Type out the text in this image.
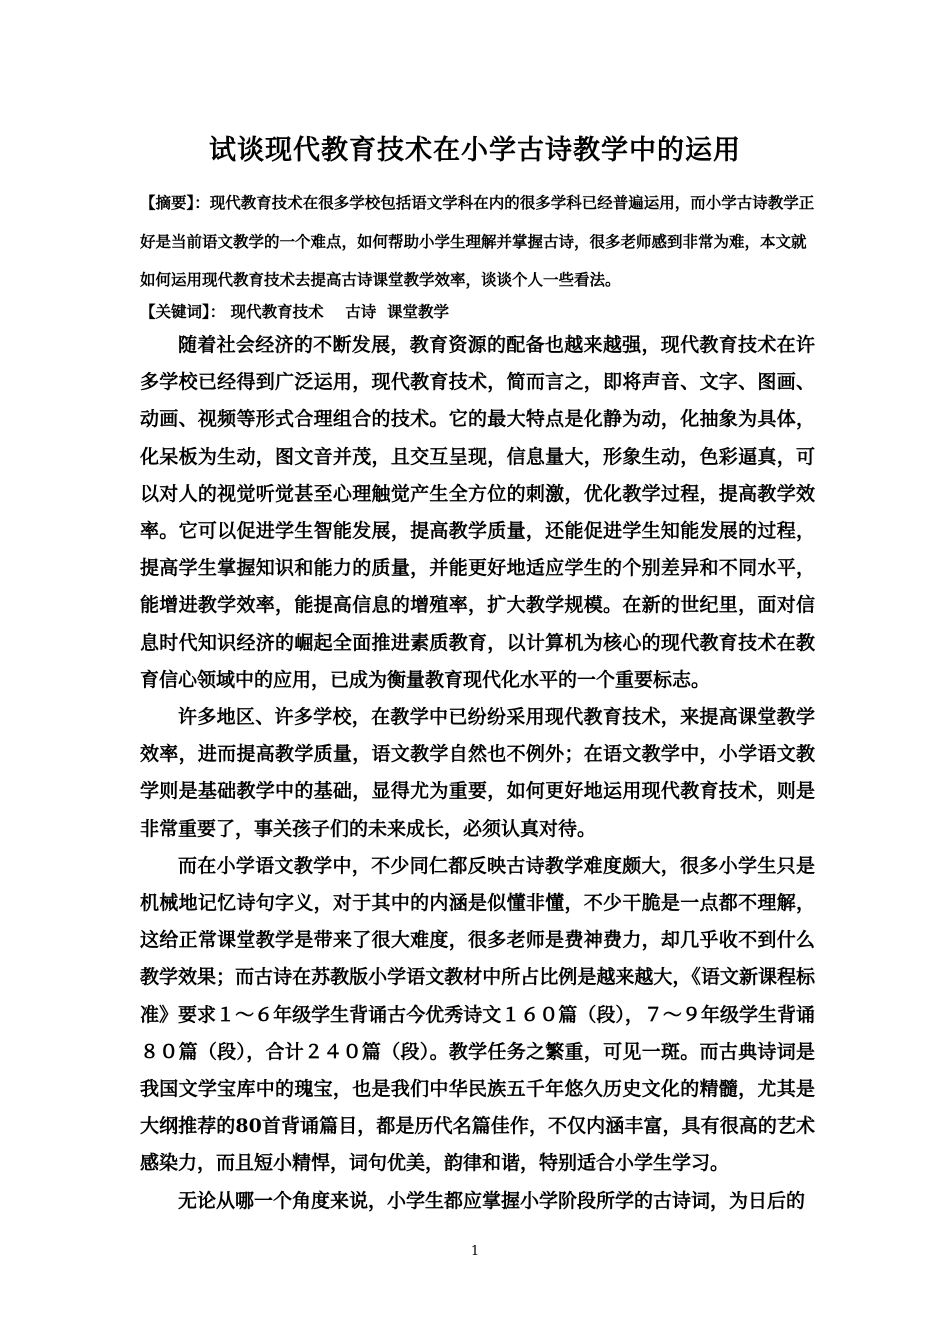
试谈现代教育技术在小学古诗教学中的运用
【摘要】：现代教育技术在很多学校包括语文学科在内的很多学科已经普遍运用，而小学古诗教学正好是当前语文教学的一个难点，如何帮助小学生理解并掌握古诗，很多老师感到非常为难，本文就如何运用现代教育技术去提高古诗课堂教学效率，谈谈个人一些看法。
【关键词】： 现代教育技术    古诗  课堂教学

随着社会经济的不断发展，教育资源的配备也越来越强，现代教育技术在许多学校已经得到广泛运用，现代教育技术，简而言之，即将声音、文字、图画、动画、视频等形式合理组合的技术。它的最大特点是化静为动，化抽象为具体，化呆板为生动，图文音并茂，且交互呈现，信息量大，形象生动，色彩逼真，可以对人的视觉听觉甚至心理触觉产生全方位的刺激，优化教学过程，提高教学效率。它可以促进学生智能发展，提高教学质量，还能促进学生知能发展的过程，提高学生掌握知识和能力的质量，并能更好地适应学生的个别差异和不同水平，能增进教学效率，能提高信息的增殖率，扩大教学规模。在新的世纪里，面对信息时代知识经济的崛起全面推进素质教育，以计算机为核心的现代教育技术在教育信心领域中的应用，已成为衡量教育现代化水平的一个重要标志。

许多地区、许多学校，在教学中已纷纷采用现代教育技术，来提高课堂教学效率，进而提高教学质量，语文教学自然也不例外；在语文教学中，小学语文教学则是基础教学中的基础，显得尤为重要，如何更好地运用现代教育技术，则是非常重要了，事关孩子们的未来成长，必须认真对待。

而在小学语文教学中，不少同仁都反映古诗教学难度颇大，很多小学生只是机械地记忆诗句字义，对于其中的内涵是似懂非懂，不少干脆是一点都不理解，这给正常课堂教学是带来了很大难度，很多老师是费神费力，却几乎收不到什么教学效果；而古诗在苏教版小学语文教材中所占比例是越来越大，《语文新课程标准》要求１～６年级学生背诵古今优秀诗文１６０篇（段），７～９年级学生背诵８０篇（段），合计２４０篇（段）。教学任务之繁重，可见一斑。而古典诗词是我国文学宝库中的瑰宝，也是我们中华民族五千年悠久历史文化的精髓，尤其是大纲推荐的80首背诵篇目，都是历代名篇佳作，不仅内涵丰富，具有很高的艺术感染力，而且短小精悍，词句优美，韵律和谐，特别适合小学生学习。

无论从哪一个角度来说，小学生都应掌握小学阶段所学的古诗词，为日后的

1
